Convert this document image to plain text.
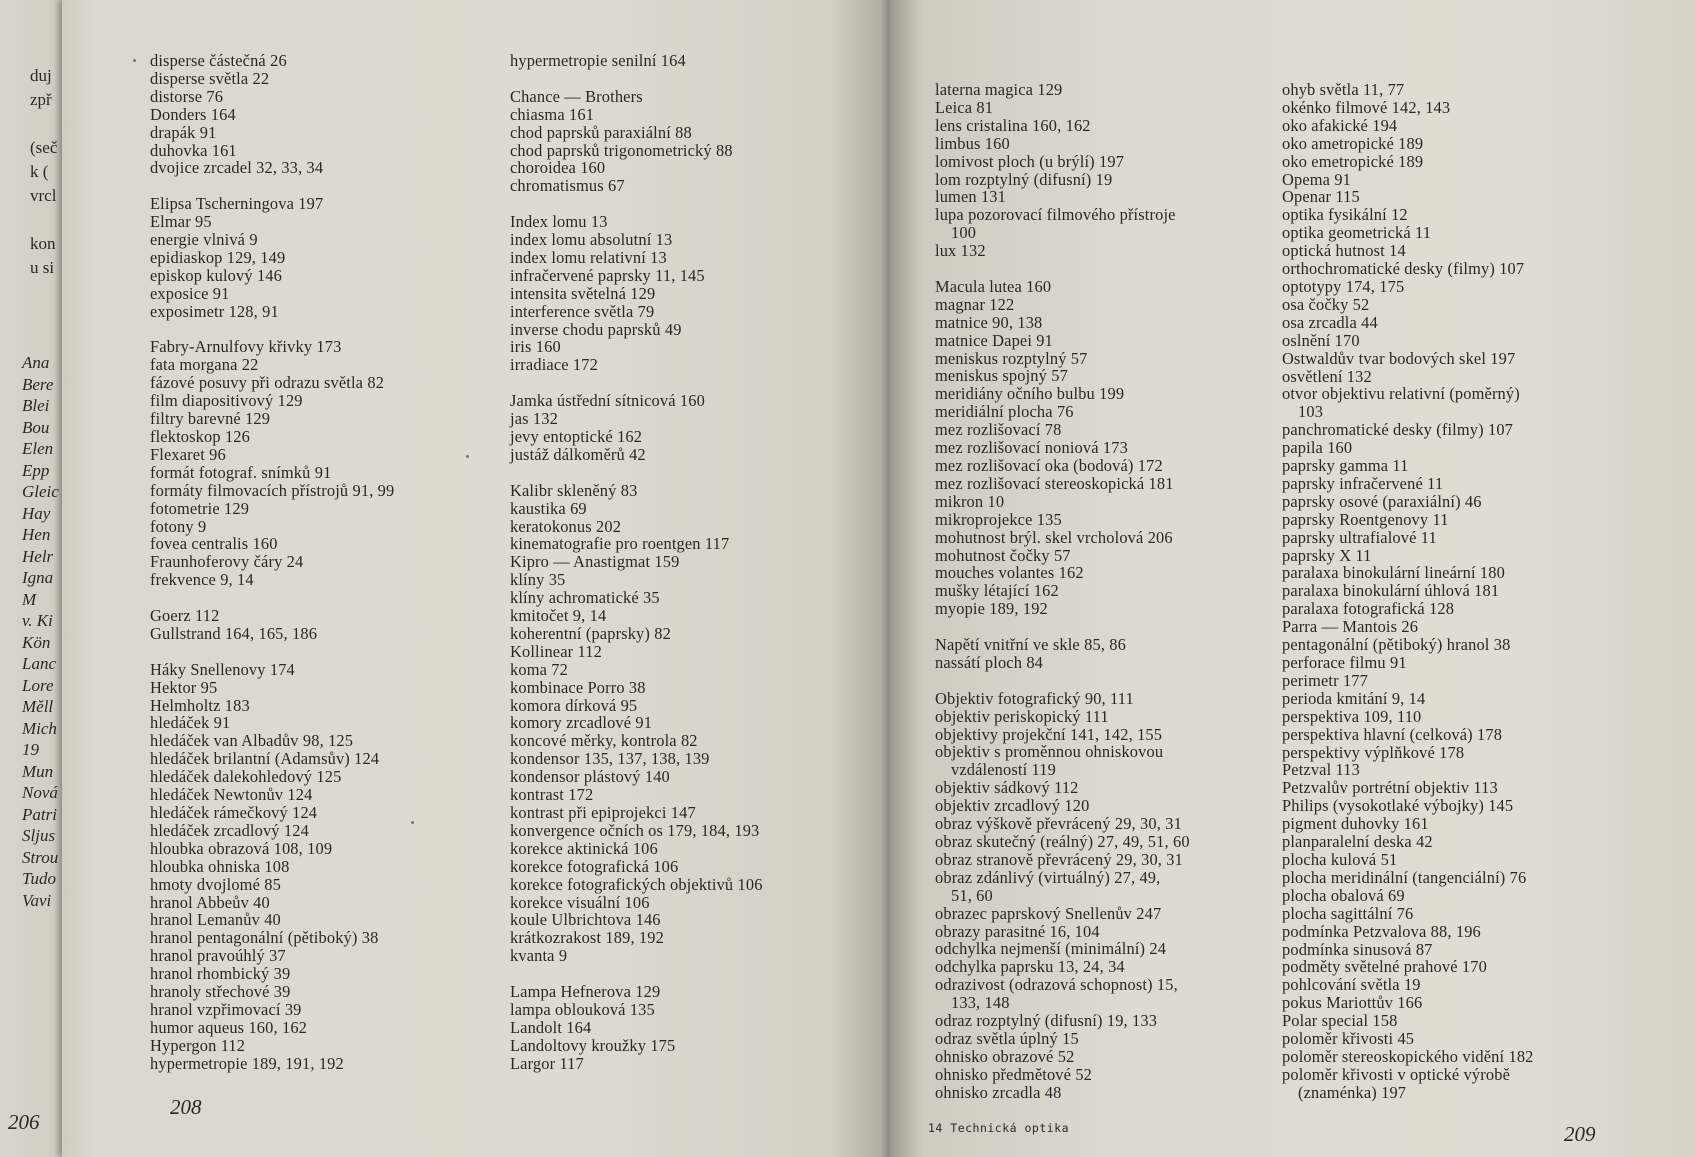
duj
zpř

(seč
k (
vrcl

kon
u si
Ana
Bere
Blei
Bou
Elen
Epp
Gleic
Hay
Hen
Helr
Igna
M
v. Ki
Kön
Lanc
Lore
Měll
Mich
19
Mun
Nová
Patri
Sljus
Strou
Tudo
Vavi
206
disperse částečná 26
disperse světla 22
distorse 76
Donders 164
drapák 91
duhovka 161
dvojice zrcadel 32, 33, 34
Elipsa Tscherningova 197
Elmar 95
energie vlnivá 9
epidiaskop 129, 149
episkop kulový 146
exposice 91
exposimetr 128, 91
Fabry-Arnulfovy křivky 173
fata morgana 22
fázové posuvy při odrazu světla 82
film diapositivový 129
filtry barevné 129
flektoskop 126
Flexaret 96
formát fotograf. snímků 91
formáty filmovacích přístrojů 91, 99
fotometrie 129
fotony 9
fovea centralis 160
Fraunhoferovy čáry 24
frekvence 9, 14
Goerz 112
Gullstrand 164, 165, 186
Háky Snellenovy 174
Hektor 95
Helmholtz 183
hledáček 91
hledáček van Albadův 98, 125
hledáček brilantní (Adamsův) 124
hledáček dalekohledový 125
hledáček Newtonův 124
hledáček rámečkový 124
hledáček zrcadlový 124
hloubka obrazová 108, 109
hloubka ohniska 108
hmoty dvojlomé 85
hranol Abbeův 40
hranol Lemanův 40
hranol pentagonální (pětiboký) 38
hranol pravoúhlý 37
hranol rhombický 39
hranoly střechové 39
hranol vzpřimovací 39
humor aqueus 160, 162
Hypergon 112
hypermetropie 189, 191, 192
hypermetropie senilní 164
Chance — Brothers
chiasma 161
chod paprsků paraxiální 88
chod paprsků trigonometrický 88
choroidea 160
chromatismus 67
Index lomu 13
index lomu absolutní 13
index lomu relativní 13
infračervené paprsky 11, 145
intensita světelná 129
interference světla 79
inverse chodu paprsků 49
iris 160
irradiace 172
Jamka ústřední sítnicová 160
jas 132
jevy entoptické 162
justáž dálkoměrů 42
Kalibr skleněný 83
kaustika 69
keratokonus 202
kinematografie pro roentgen 117
Kipro — Anastigmat 159
klíny 35
klíny achromatické 35
kmitočet 9, 14
koherentní (paprsky) 82
Kollinear 112
koma 72
kombinace Porro 38
komora dírková 95
komory zrcadlové 91
koncové měrky, kontrola 82
kondensor 135, 137, 138, 139
kondensor plástový 140
kontrast 172
kontrast při epiprojekci 147
konvergence očních os 179, 184, 193
korekce aktinická 106
korekce fotografická 106
korekce fotografických objektivů 106
korekce visuální 106
koule Ulbrichtova 146
krátkozrakost 189, 192
kvanta 9
Lampa Hefnerova 129
lampa oblouková 135
Landolt 164
Landoltovy kroužky 175
Largor 117
208
laterna magica 129
Leica 81
lens cristalina 160, 162
limbus 160
lomivost ploch (u brýlí) 197
lom rozptylný (difusní) 19
lumen 131
lupa pozorovací filmového přístroje
100
lux 132
Macula lutea 160
magnar 122
matnice 90, 138
matnice Dapei 91
meniskus rozptylný 57
meniskus spojný 57
meridiány očního bulbu 199
meridiální plocha 76
mez rozlišovací 78
mez rozlišovací noniová 173
mez rozlišovací oka (bodová) 172
mez rozlišovací stereoskopická 181
mikron 10
mikroprojekce 135
mohutnost brýl. skel vrcholová 206
mohutnost čočky 57
mouches volantes 162
mušky létající 162
myopie 189, 192
Napětí vnitřní ve skle 85, 86
nassátí ploch 84
Objektiv fotografický 90, 111
objektiv periskopický 111
objektivy projekční 141, 142, 155
objektiv s proměnnou ohniskovou
vzdáleností 119
objektiv sádkový 112
objektiv zrcadlový 120
obraz výškově převrácený 29, 30, 31
obraz skutečný (reálný) 27, 49, 51, 60
obraz stranově převrácený 29, 30, 31
obraz zdánlivý (virtuálný) 27, 49,
51, 60
obrazec paprskový Snellenův 247
obrazy parasitné 16, 104
odchylka nejmenší (minimální) 24
odchylka paprsku 13, 24, 34
odrazivost (odrazová schopnost) 15,
133, 148
odraz rozptylný (difusní) 19, 133
odraz světla úplný 15
ohnisko obrazové 52
ohnisko předmětové 52
ohnisko zrcadla 48
ohyb světla 11, 77
okénko filmové 142, 143
oko afakické 194
oko ametropické 189
oko emetropické 189
Opema 91
Openar 115
optika fysikální 12
optika geometrická 11
optická hutnost 14
orthochromatické desky (filmy) 107
optotypy 174, 175
osa čočky 52
osa zrcadla 44
oslnění 170
Ostwaldův tvar bodových skel 197
osvětlení 132
otvor objektivu relativní (poměrný)
103
panchromatické desky (filmy) 107
papila 160
paprsky gamma 11
paprsky infračervené 11
paprsky osové (paraxiální) 46
paprsky Roentgenovy 11
paprsky ultrafialové 11
paprsky X 11
paralaxa binokulární lineární 180
paralaxa binokulární úhlová 181
paralaxa fotografická 128
Parra — Mantois 26
pentagonální (pětiboký) hranol 38
perforace filmu 91
perimetr 177
perioda kmitání 9, 14
perspektiva 109, 110
perspektiva hlavní (celková) 178
perspektivy výplňkové 178
Petzval 113
Petzvalův portrétní objektiv 113
Philips (vysokotlaké výbojky) 145
pigment duhovky 161
planparalelní deska 42
plocha kulová 51
plocha meridinální (tangenciální) 76
plocha obalová 69
plocha sagittální 76
podmínka Petzvalova 88, 196
podmínka sinusová 87
podměty světelné prahové 170
pohlcování světla 19
pokus Mariottův 166
Polar special 158
poloměr křivosti 45
poloměr stereoskopického vidění 182
poloměr křivosti v optické výrobě
(znaménka) 197
14 Technická optika	209
